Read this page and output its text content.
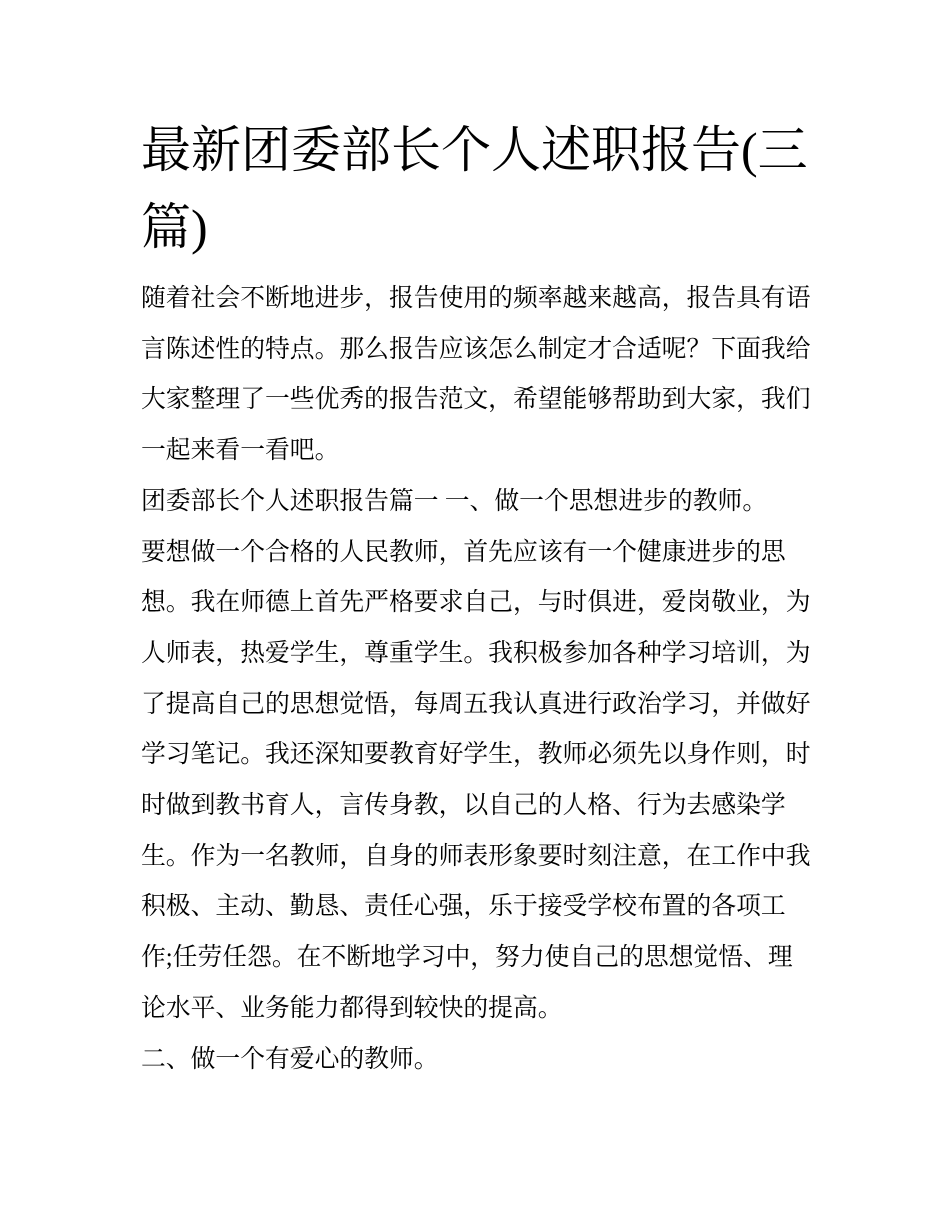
最新团委部长个人述职报告(三
篇)

随着社会不断地进步，报告使用的频率越来越高，报告具有语
言陈述性的特点。那么报告应该怎么制定才合适呢？下面我给
大家整理了一些优秀的报告范文，希望能够帮助到大家，我们
一起来看一看吧。

团委部长个人述职报告篇一 一、做一个思想进步的教师。

要想做一个合格的人民教师，首先应该有一个健康进步的思
想。我在师德上首先严格要求自己，与时俱进，爱岗敬业，为
人师表，热爱学生，尊重学生。我积极参加各种学习培训，为
了提高自己的思想觉悟，每周五我认真进行政治学习，并做好
学习笔记。我还深知要教育好学生，教师必须先以身作则，时
时做到教书育人，言传身教，以自己的人格、行为去感染学
生。作为一名教师，自身的师表形象要时刻注意，在工作中我
积极、主动、勤恳、责任心强，乐于接受学校布置的各项工
作;任劳任怨。在不断地学习中，努力使自己的思想觉悟、理
论水平、业务能力都得到较快的提高。

二、做一个有爱心的教师。
